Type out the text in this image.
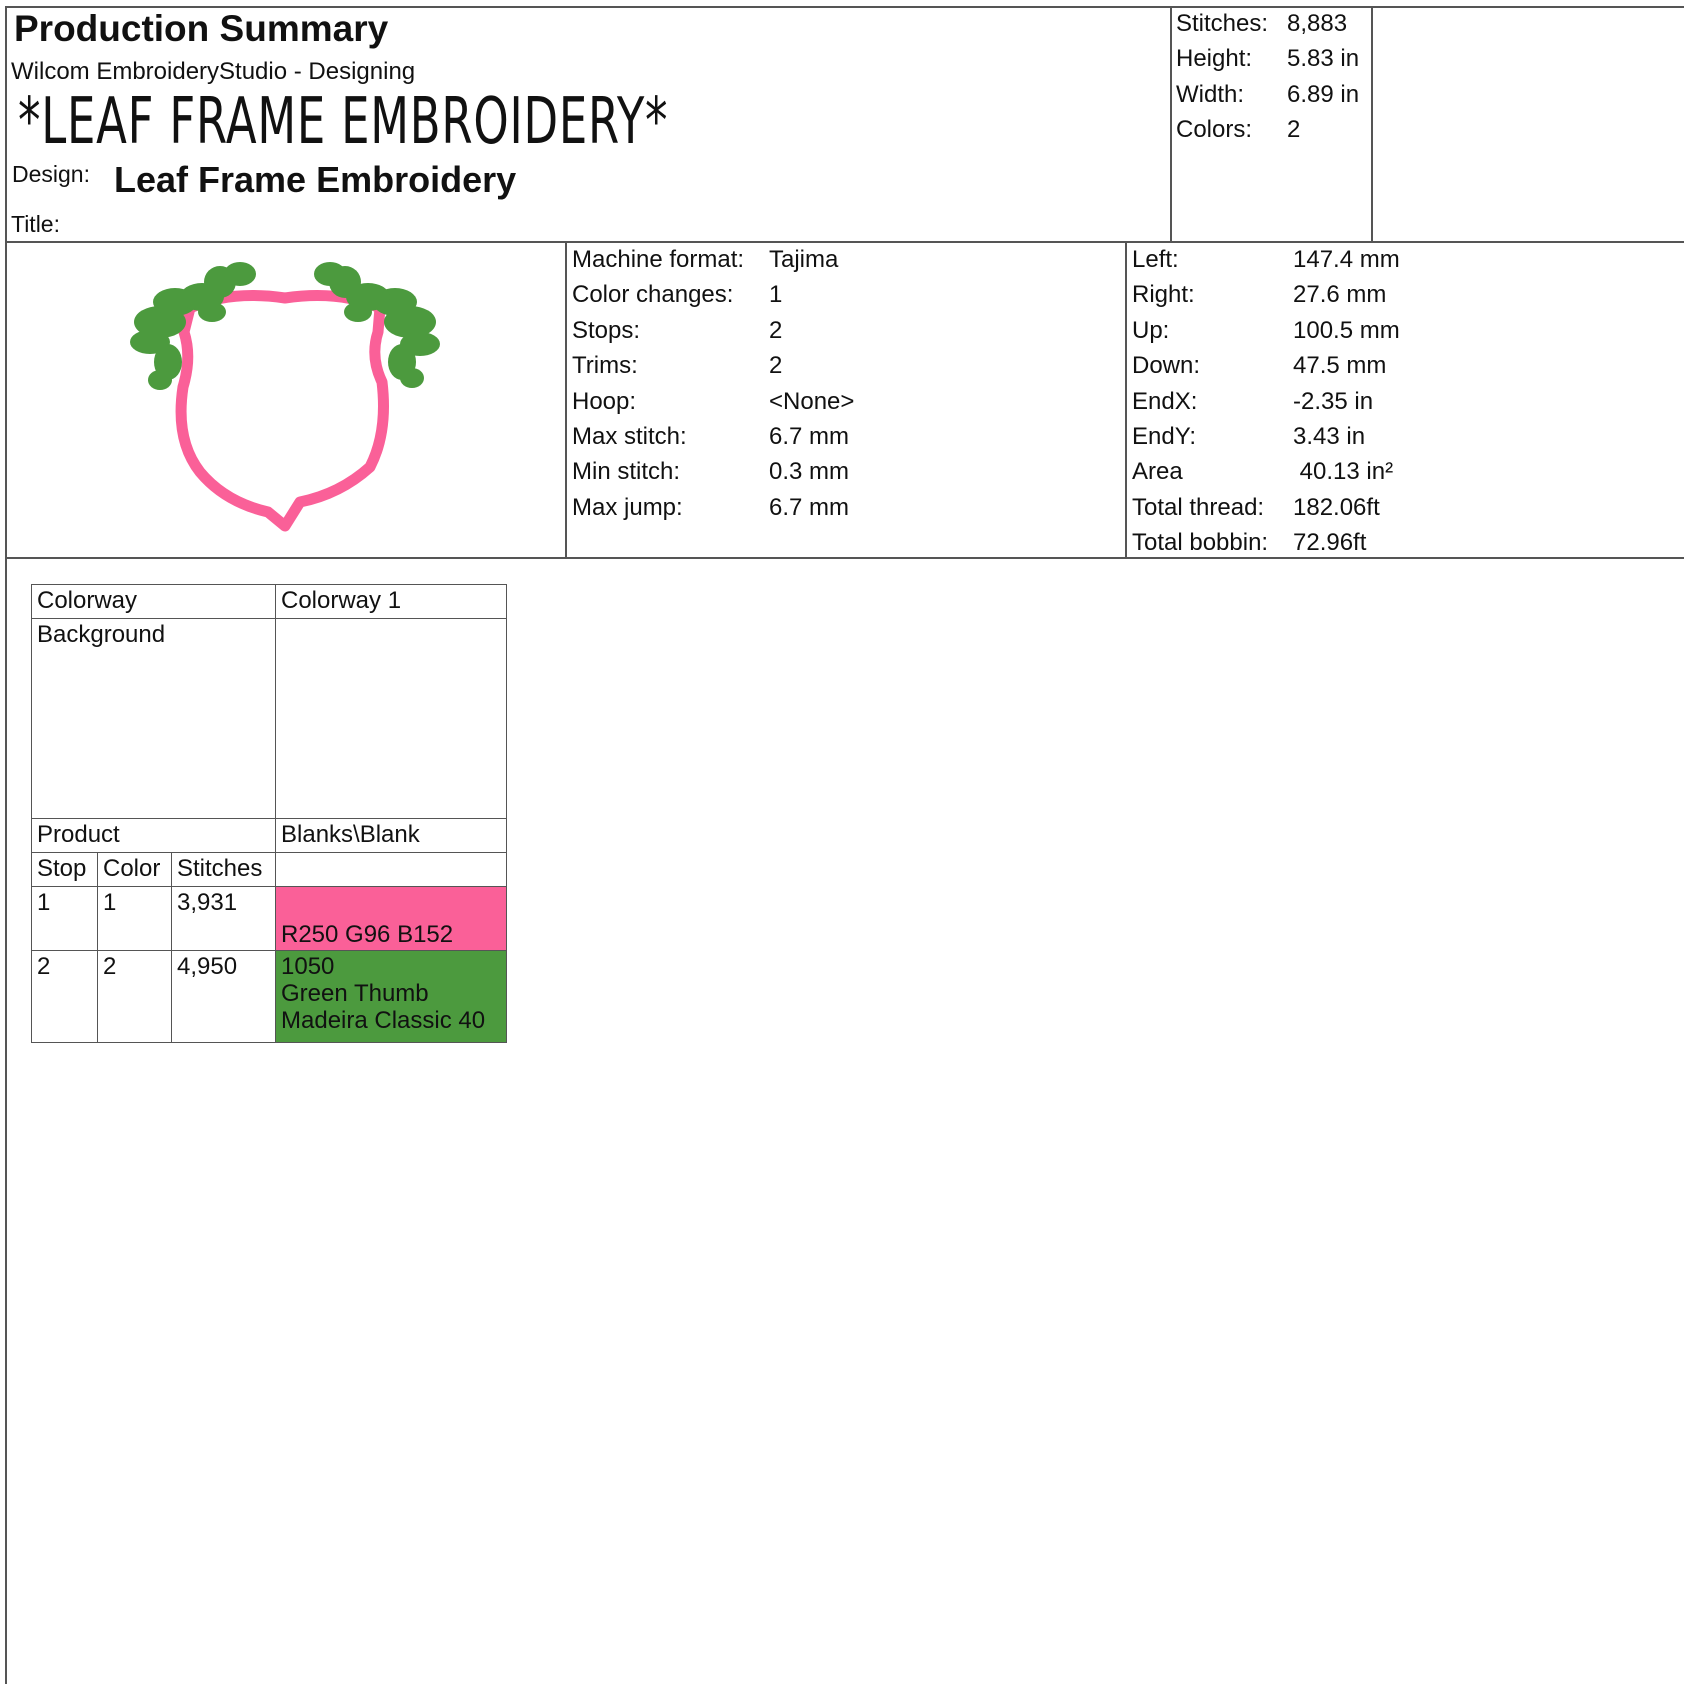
Production Summary
Wilcom EmbroideryStudio - Designing
*LEAF FRAME EMBROIDERY*
Design: Leaf Frame Embroidery
Title:
Stitches: 8,883
Height: 5.83 in
Width: 6.89 in
Colors: 2
Machine format: Tajima
Color changes: 1
Stops:	2
Trims:	2
Hoop:	<None>
Max stitch:	6.7 mm
Min stitch:	0.3 mm
Max jump:	6.7 mm
Left:	147.4 mm
Right:	27.6 mm
Up:	100.5 mm
Down:	47.5 mm
EndX:	-2.35 in
EndY:	3.43 in
Area	40.13 in²
Total thread: 182.06ft
Total bobbin: 72.96ft
Colorway			Colorway 1
Background			
Product			Blanks\Blank
Stop	Color	Stitches	
1	1	3,931	R250 G96 B152

2	2	4,950	1050
Green Thumb
Madeira Classic 40
